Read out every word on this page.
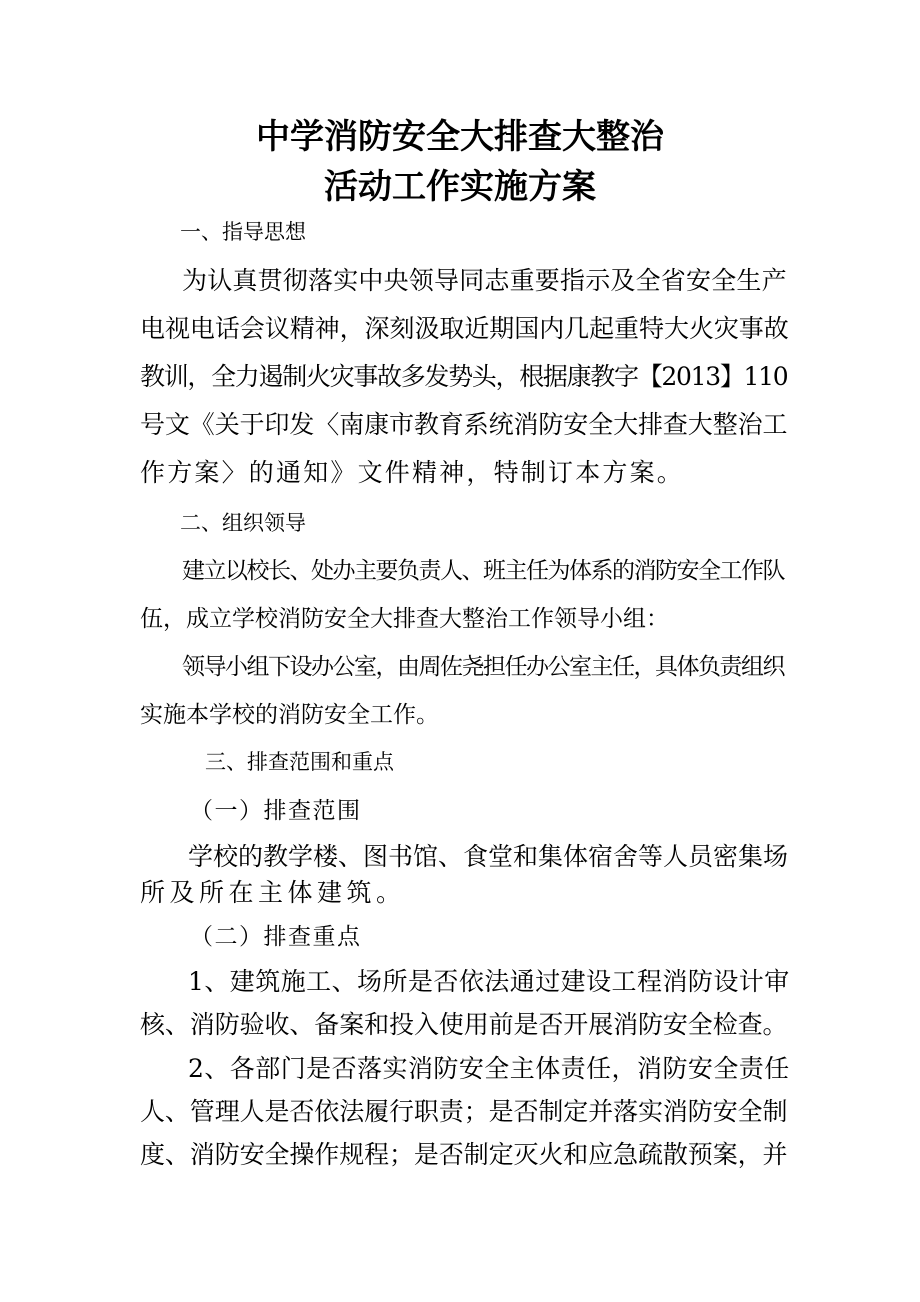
中学消防安全大排查大整治
活动工作实施方案
一、指导思想
为认真贯彻落实中央领导同志重要指示及全省安全生产
电视电话会议精神，深刻汲取近期国内几起重特大火灾事故
教训，全力遏制火灾事故多发势头，根据康教字【2013】110
号文《关于印发〈南康市教育系统消防安全大排查大整治工
作方案〉的通知》文件精神，特制订本方案。
二、组织领导
建立以校长、处办主要负责人、班主任为体系的消防安全工作队
伍，成立学校消防安全大排查大整治工作领导小组：
领导小组下设办公室，由周佐尧担任办公室主任，具体负责组织
实施本学校的消防安全工作。
三、排查范围和重点
（一）排查范围
学校的教学楼、图书馆、食堂和集体宿舍等人员密集场
所及所在主体建筑。
（二）排查重点
1、建筑施工、场所是否依法通过建设工程消防设计审
核、消防验收、备案和投入使用前是否开展消防安全检查。
2、各部门是否落实消防安全主体责任，消防安全责任
人、管理人是否依法履行职责；是否制定并落实消防安全制
度、消防安全操作规程；是否制定灭火和应急疏散预案，并
